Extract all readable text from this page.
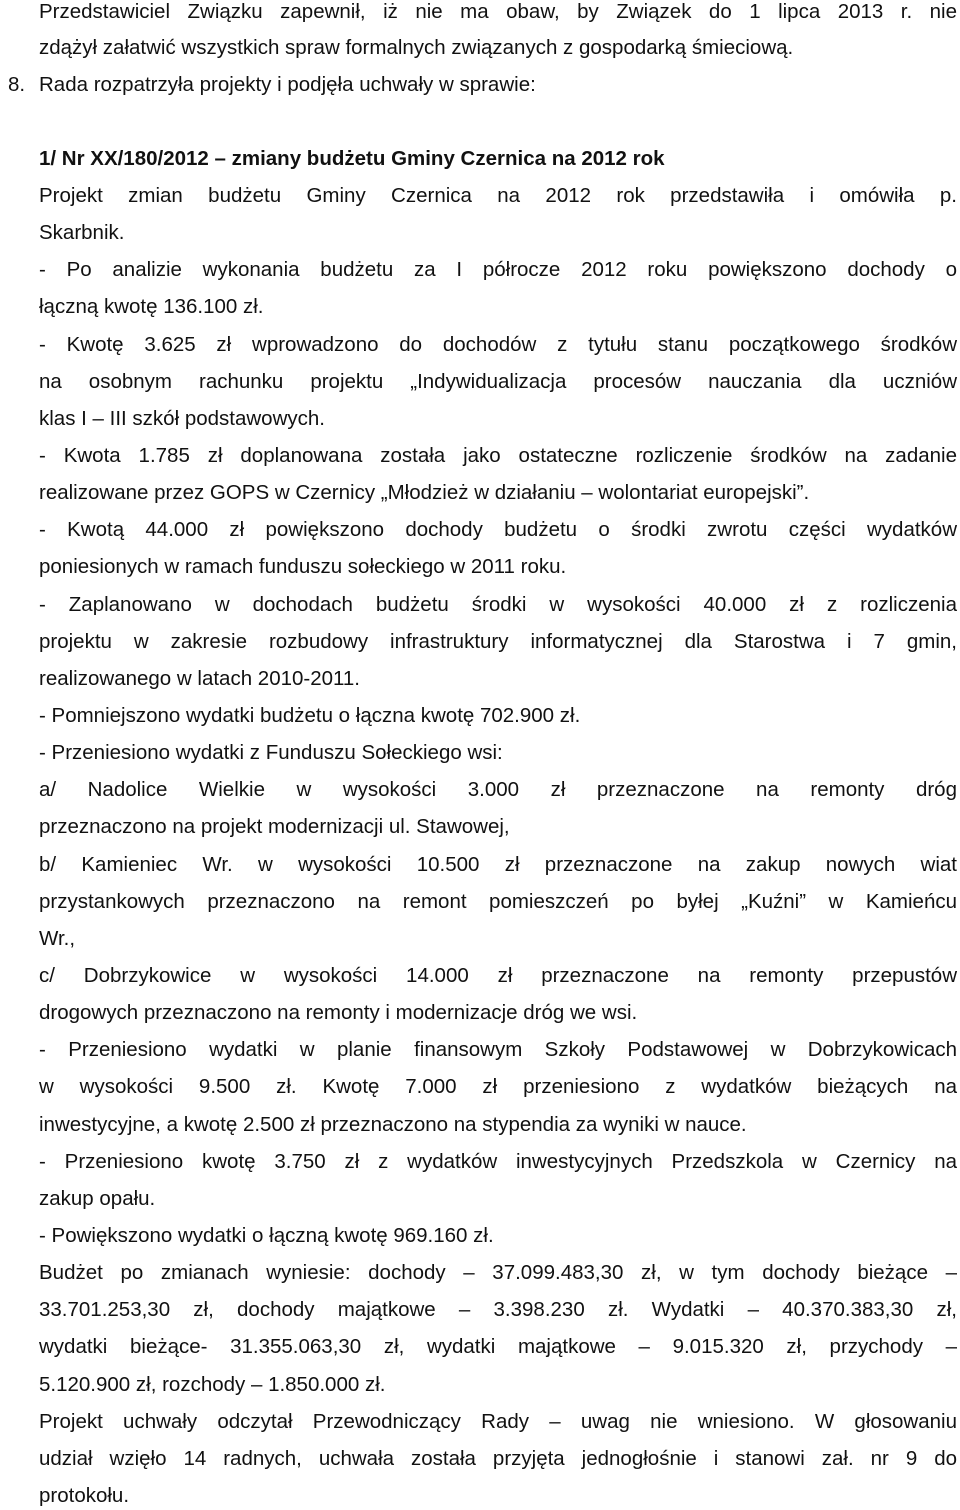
Przedstawiciel Związku zapewnił, iż nie ma obaw, by Związek do 1 lipca 2013 r. nie
zdążył załatwić wszystkich spraw formalnych związanych z gospodarką śmieciową.
8. Rada rozpatrzyła projekty i podjęła uchwały w sprawie:
1/ Nr XX/180/2012 – zmiany budżetu Gminy Czernica na 2012 rok
Projekt zmian budżetu Gminy Czernica na 2012 rok przedstawiła i omówiła p.
Skarbnik.
- Po analizie wykonania budżetu za I półrocze 2012 roku powiększono dochody o
łączną kwotę 136.100 zł.
- Kwotę 3.625 zł wprowadzono do dochodów z tytułu stanu początkowego środków
na osobnym rachunku projektu „Indywidualizacja procesów nauczania dla uczniów
klas I – III szkół podstawowych.
- Kwota 1.785 zł doplanowana została jako ostateczne rozliczenie środków na zadanie
realizowane przez GOPS w Czernicy „Młodzież w działaniu – wolontariat europejski”.
- Kwotą 44.000 zł powiększono dochody budżetu o środki zwrotu części wydatków
poniesionych w ramach funduszu sołeckiego w 2011 roku.
- Zaplanowano w dochodach budżetu środki w wysokości 40.000 zł z rozliczenia
projektu w zakresie rozbudowy infrastruktury informatycznej dla Starostwa i 7 gmin,
realizowanego w latach 2010-2011.
- Pomniejszono wydatki budżetu o łączna kwotę 702.900 zł.
- Przeniesiono wydatki z Funduszu Sołeckiego wsi:
a/ Nadolice Wielkie w wysokości 3.000 zł przeznaczone na remonty dróg
przeznaczono na projekt modernizacji ul. Stawowej,
b/ Kamieniec Wr. w wysokości 10.500 zł przeznaczone na zakup nowych wiat
przystankowych przeznaczono na remont pomieszczeń po byłej „Kuźni” w Kamieńcu
Wr.,
c/ Dobrzykowice w wysokości 14.000 zł przeznaczone na remonty przepustów
drogowych przeznaczono na remonty i modernizacje dróg we wsi.
- Przeniesiono wydatki w planie finansowym Szkoły Podstawowej w Dobrzykowicach
w wysokości 9.500 zł. Kwotę 7.000 zł przeniesiono z wydatków bieżących na
inwestycyjne, a kwotę 2.500 zł przeznaczono na stypendia za wyniki w nauce.
- Przeniesiono kwotę 3.750 zł z wydatków inwestycyjnych Przedszkola w Czernicy na
zakup opału.
- Powiększono wydatki o łączną kwotę 969.160 zł.
Budżet po zmianach wyniesie: dochody – 37.099.483,30 zł, w tym dochody bieżące –
33.701.253,30 zł, dochody majątkowe – 3.398.230 zł. Wydatki – 40.370.383,30 zł,
wydatki bieżące- 31.355.063,30 zł, wydatki majątkowe – 9.015.320 zł, przychody –
5.120.900 zł, rozchody – 1.850.000 zł.
Projekt uchwały odczytał Przewodniczący Rady – uwag nie wniesiono. W głosowaniu
udział wzięło 14 radnych, uchwała została przyjęta jednogłośnie i stanowi zał. nr 9 do
protokołu.
